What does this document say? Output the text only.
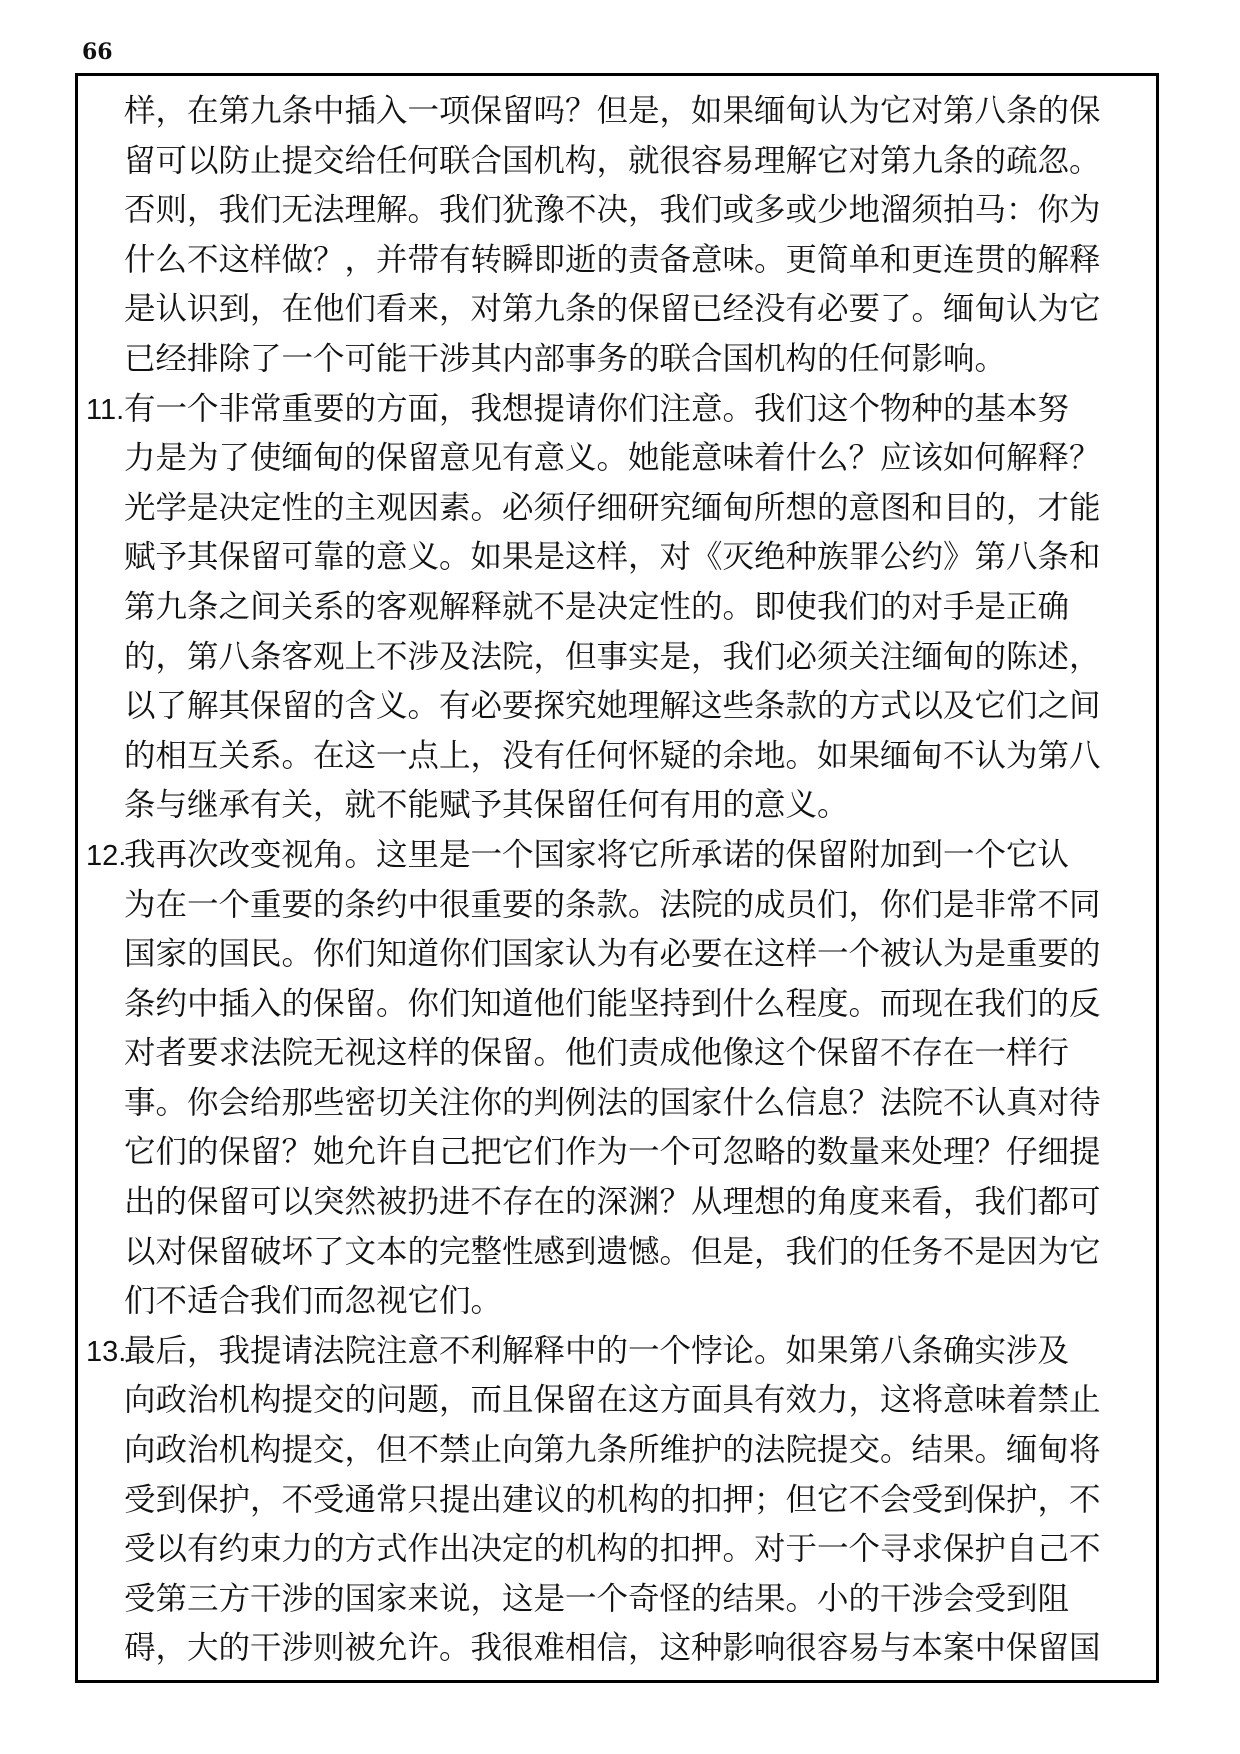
66
样，在第九条中插入一项保留吗？但是，如果缅甸认为它对第八条的保
留可以防止提交给任何联合国机构，就很容易理解它对第九条的疏忽。
否则，我们无法理解。我们犹豫不决，我们或多或少地溜须拍马：你为
什么不这样做？，并带有转瞬即逝的责备意味。更简单和更连贯的解释
是认识到，在他们看来，对第九条的保留已经没有必要了。缅甸认为它
已经排除了一个可能干涉其内部事务的联合国机构的任何影响。
11.有一个非常重要的方面，我想提请你们注意。我们这个物种的基本努
力是为了使缅甸的保留意见有意义。她能意味着什么？应该如何解释？
光学是决定性的主观因素。必须仔细研究缅甸所想的意图和目的，才能
赋予其保留可靠的意义。如果是这样，对《灭绝种族罪公约》第八条和
第九条之间关系的客观解释就不是决定性的。即使我们的对手是正确
的，第八条客观上不涉及法院，但事实是，我们必须关注缅甸的陈述，
以了解其保留的含义。有必要探究她理解这些条款的方式以及它们之间
的相互关系。在这一点上，没有任何怀疑的余地。如果缅甸不认为第八
条与继承有关，就不能赋予其保留任何有用的意义。
12.我再次改变视角。这里是一个国家将它所承诺的保留附加到一个它认
为在一个重要的条约中很重要的条款。法院的成员们，你们是非常不同
国家的国民。你们知道你们国家认为有必要在这样一个被认为是重要的
条约中插入的保留。你们知道他们能坚持到什么程度。而现在我们的反
对者要求法院无视这样的保留。他们责成他像这个保留不存在一样行
事。你会给那些密切关注你的判例法的国家什么信息？法院不认真对待
它们的保留？她允许自己把它们作为一个可忽略的数量来处理？仔细提
出的保留可以突然被扔进不存在的深渊？从理想的角度来看，我们都可
以对保留破坏了文本的完整性感到遗憾。但是，我们的任务不是因为它
们不适合我们而忽视它们。
13.最后，我提请法院注意不利解释中的一个悖论。如果第八条确实涉及
向政治机构提交的问题，而且保留在这方面具有效力，这将意味着禁止
向政治机构提交，但不禁止向第九条所维护的法院提交。结果。缅甸将
受到保护，不受通常只提出建议的机构的扣押；但它不会受到保护，不
受以有约束力的方式作出决定的机构的扣押。对于一个寻求保护自己不
受第三方干涉的国家来说，这是一个奇怪的结果。小的干涉会受到阻
碍，大的干涉则被允许。我很难相信，这种影响很容易与本案中保留国
